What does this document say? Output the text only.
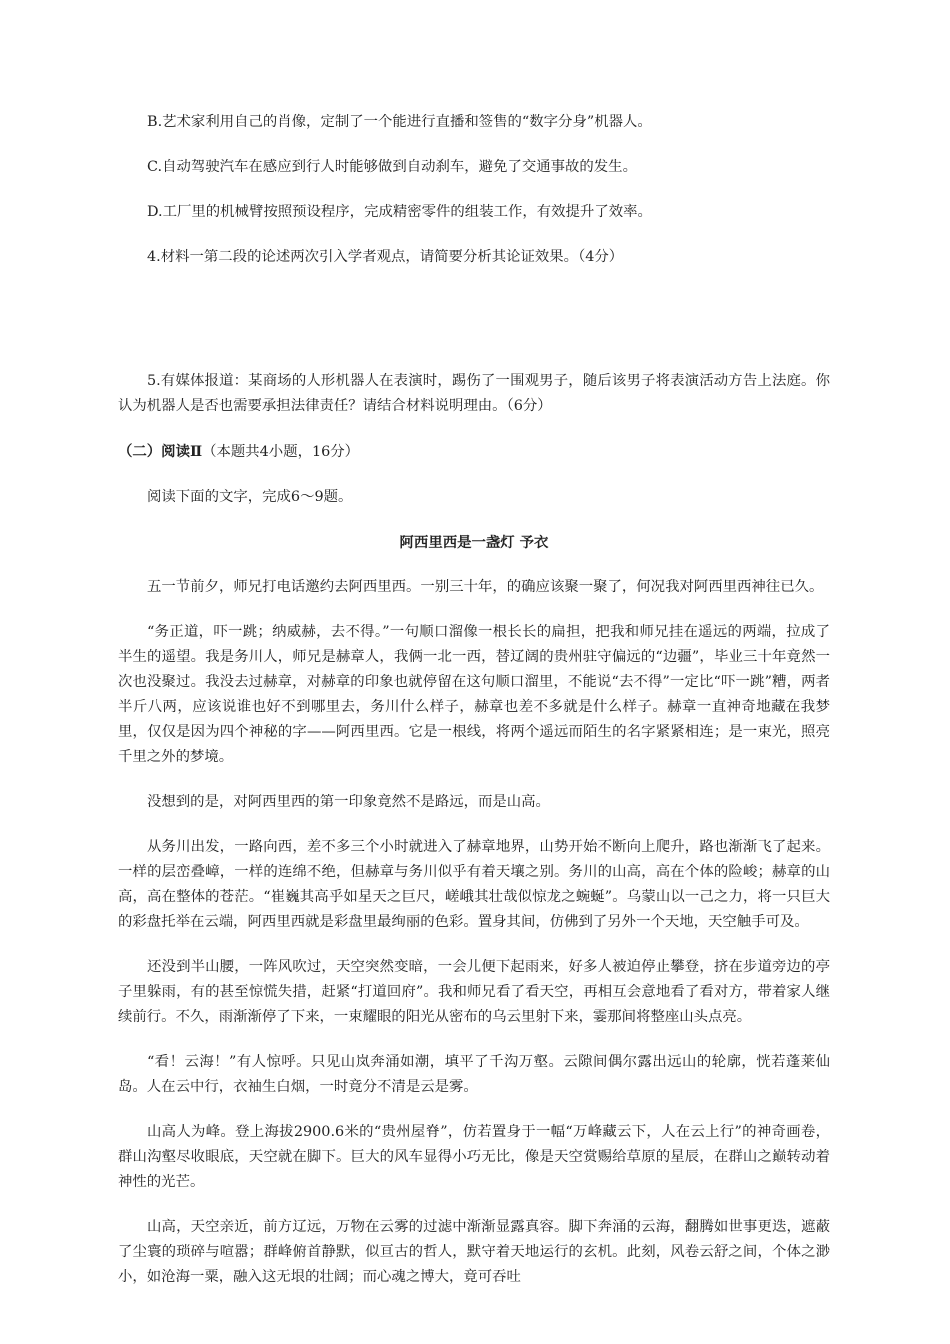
B.艺术家利用自己的肖像，定制了一个能进行直播和签售的“数字分身”机器人。

C.自动驾驶汽车在感应到行人时能够做到自动刹车，避免了交通事故的发生。

D.工厂里的机械臂按照预设程序，完成精密零件的组装工作，有效提升了效率。

4.材料一第二段的论述两次引入学者观点，请简要分析其论证效果。（4分）

5.有媒体报道：某商场的人形机器人在表演时，踢伤了一围观男子，随后该男子将表演活动方告上法庭。你认为机器人是否也需要承担法律责任？请结合材料说明理由。（6分）

（二）阅读Ⅱ（本题共4小题，16分）

阅读下面的文字，完成6～9题。

阿西里西是一盏灯 予衣

五一节前夕，师兄打电话邀约去阿西里西。一别三十年，的确应该聚一聚了，何况我对阿西里西神往已久。

“务正道，吓一跳；纳威赫，去不得。”一句顺口溜像一根长长的扁担，把我和师兄挂在遥远的两端，拉成了半生的遥望。我是务川人，师兄是赫章人，我俩一北一西，替辽阔的贵州驻守偏远的“边疆”，毕业三十年竟然一次也没聚过。我没去过赫章，对赫章的印象也就停留在这句顺口溜里，不能说“去不得”一定比“吓一跳”糟，两者半斤八两，应该说谁也好不到哪里去，务川什么样子，赫章也差不多就是什么样子。赫章一直神奇地藏在我梦里，仅仅是因为四个神秘的字——阿西里西。它是一根线，将两个遥远而陌生的名字紧紧相连；是一束光，照亮千里之外的梦境。

没想到的是，对阿西里西的第一印象竟然不是路远，而是山高。

从务川出发，一路向西，差不多三个小时就进入了赫章地界，山势开始不断向上爬升，路也渐渐飞了起来。一样的层峦叠嶂，一样的连绵不绝，但赫章与务川似乎有着天壤之别。务川的山高，高在个体的险峻；赫章的山高，高在整体的苍茫。“崔巍其高乎如星天之巨尺，嵯峨其壮哉似惊龙之蜿蜒”。乌蒙山以一己之力，将一只巨大的彩盘托举在云端，阿西里西就是彩盘里最绚丽的色彩。置身其间，仿佛到了另外一个天地，天空触手可及。

还没到半山腰，一阵风吹过，天空突然变暗，一会儿便下起雨来，好多人被迫停止攀登，挤在步道旁边的亭子里躲雨，有的甚至惊慌失措，赶紧“打道回府”。我和师兄看了看天空，再相互会意地看了看对方，带着家人继续前行。不久，雨渐渐停了下来，一束耀眼的阳光从密布的乌云里射下来，霎那间将整座山头点亮。

“看！云海！”有人惊呼。只见山岚奔涌如潮，填平了千沟万壑。云隙间偶尔露出远山的轮廓，恍若蓬莱仙岛。人在云中行，衣袖生白烟，一时竟分不清是云是雾。

山高人为峰。登上海拔2900.6米的“贵州屋脊”，仿若置身于一幅“万峰藏云下，人在云上行”的神奇画卷，群山沟壑尽收眼底，天空就在脚下。巨大的风车显得小巧无比，像是天空赏赐给草原的星辰，在群山之巅转动着神性的光芒。

山高，天空亲近，前方辽远，万物在云雾的过滤中渐渐显露真容。脚下奔涌的云海，翻腾如世事更迭，遮蔽了尘寰的琐碎与喧嚣；群峰俯首静默，似亘古的哲人，默守着天地运行的玄机。此刻，风卷云舒之间，个体之渺小，如沧海一粟，融入这无垠的壮阔；而心魂之博大，竟可吞吐
